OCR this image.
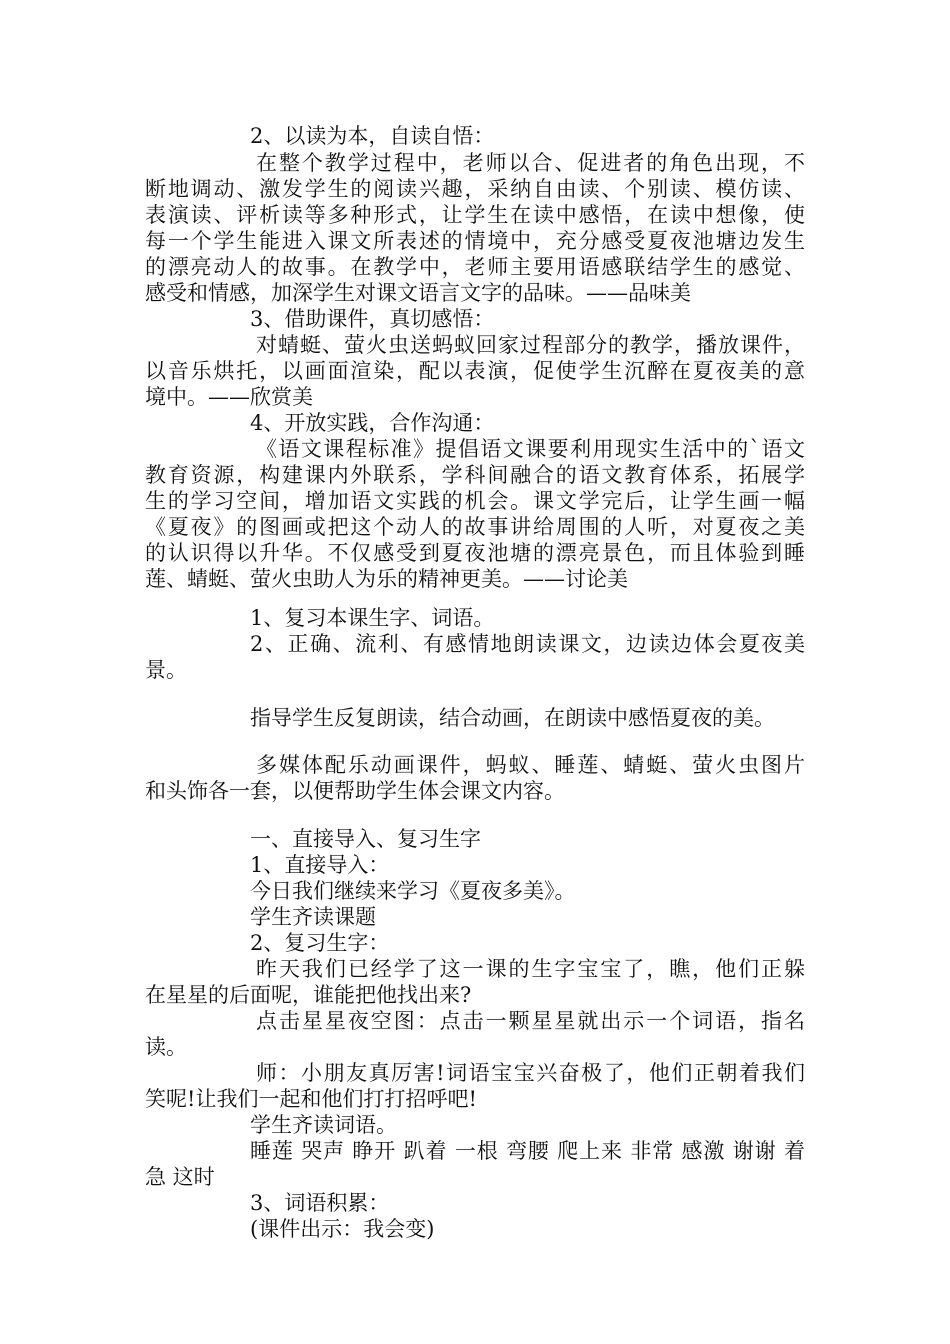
2、以读为本，自读自悟：
在整个教学过程中，老师以合、促进者的角色出现，不
断地调动、激发学生的阅读兴趣，采纳自由读、个别读、模仿读、
表演读、评析读等多种形式，让学生在读中感悟，在读中想像，使
每一个学生能进入课文所表述的情境中，充分感受夏夜池塘边发生
的漂亮动人的故事。在教学中，老师主要用语感联结学生的感觉、
感受和情感，加深学生对课文语言文字的品味。——品味美
3、借助课件，真切感悟：
对蜻蜓、萤火虫送蚂蚁回家过程部分的教学，播放课件，
以音乐烘托，以画面渲染，配以表演，促使学生沉醉在夏夜美的意
境中。——欣赏美
4、开放实践，合作沟通：
《语文课程标准》提倡语文课要利用现实生活中的`语文
教育资源，构建课内外联系，学科间融合的语文教育体系，拓展学
生的学习空间，增加语文实践的机会。课文学完后，让学生画一幅
《夏夜》的图画或把这个动人的故事讲给周围的人听，对夏夜之美
的认识得以升华。不仅感受到夏夜池塘的漂亮景色，而且体验到睡
莲、蜻蜓、萤火虫助人为乐的精神更美。——讨论美
1、复习本课生字、词语。
2、正确、流利、有感情地朗读课文，边读边体会夏夜美
景。
指导学生反复朗读，结合动画，在朗读中感悟夏夜的美。
多媒体配乐动画课件，蚂蚁、睡莲、蜻蜓、萤火虫图片
和头饰各一套，以便帮助学生体会课文内容。
一、直接导入、复习生字
1、直接导入：
今日我们继续来学习《夏夜多美》。
学生齐读课题
2、复习生字：
昨天我们已经学了这一课的生字宝宝了，瞧，他们正躲
在星星的后面呢，谁能把他找出来?
点击星星夜空图：点击一颗星星就出示一个词语，指名
读。
师：小朋友真厉害!词语宝宝兴奋极了，他们正朝着我们
笑呢!让我们一起和他们打打招呼吧!
学生齐读词语。
睡莲 哭声 睁开 趴着 一根 弯腰 爬上来 非常 感激 谢谢 着
急 这时
3、词语积累：
(课件出示：我会变)
